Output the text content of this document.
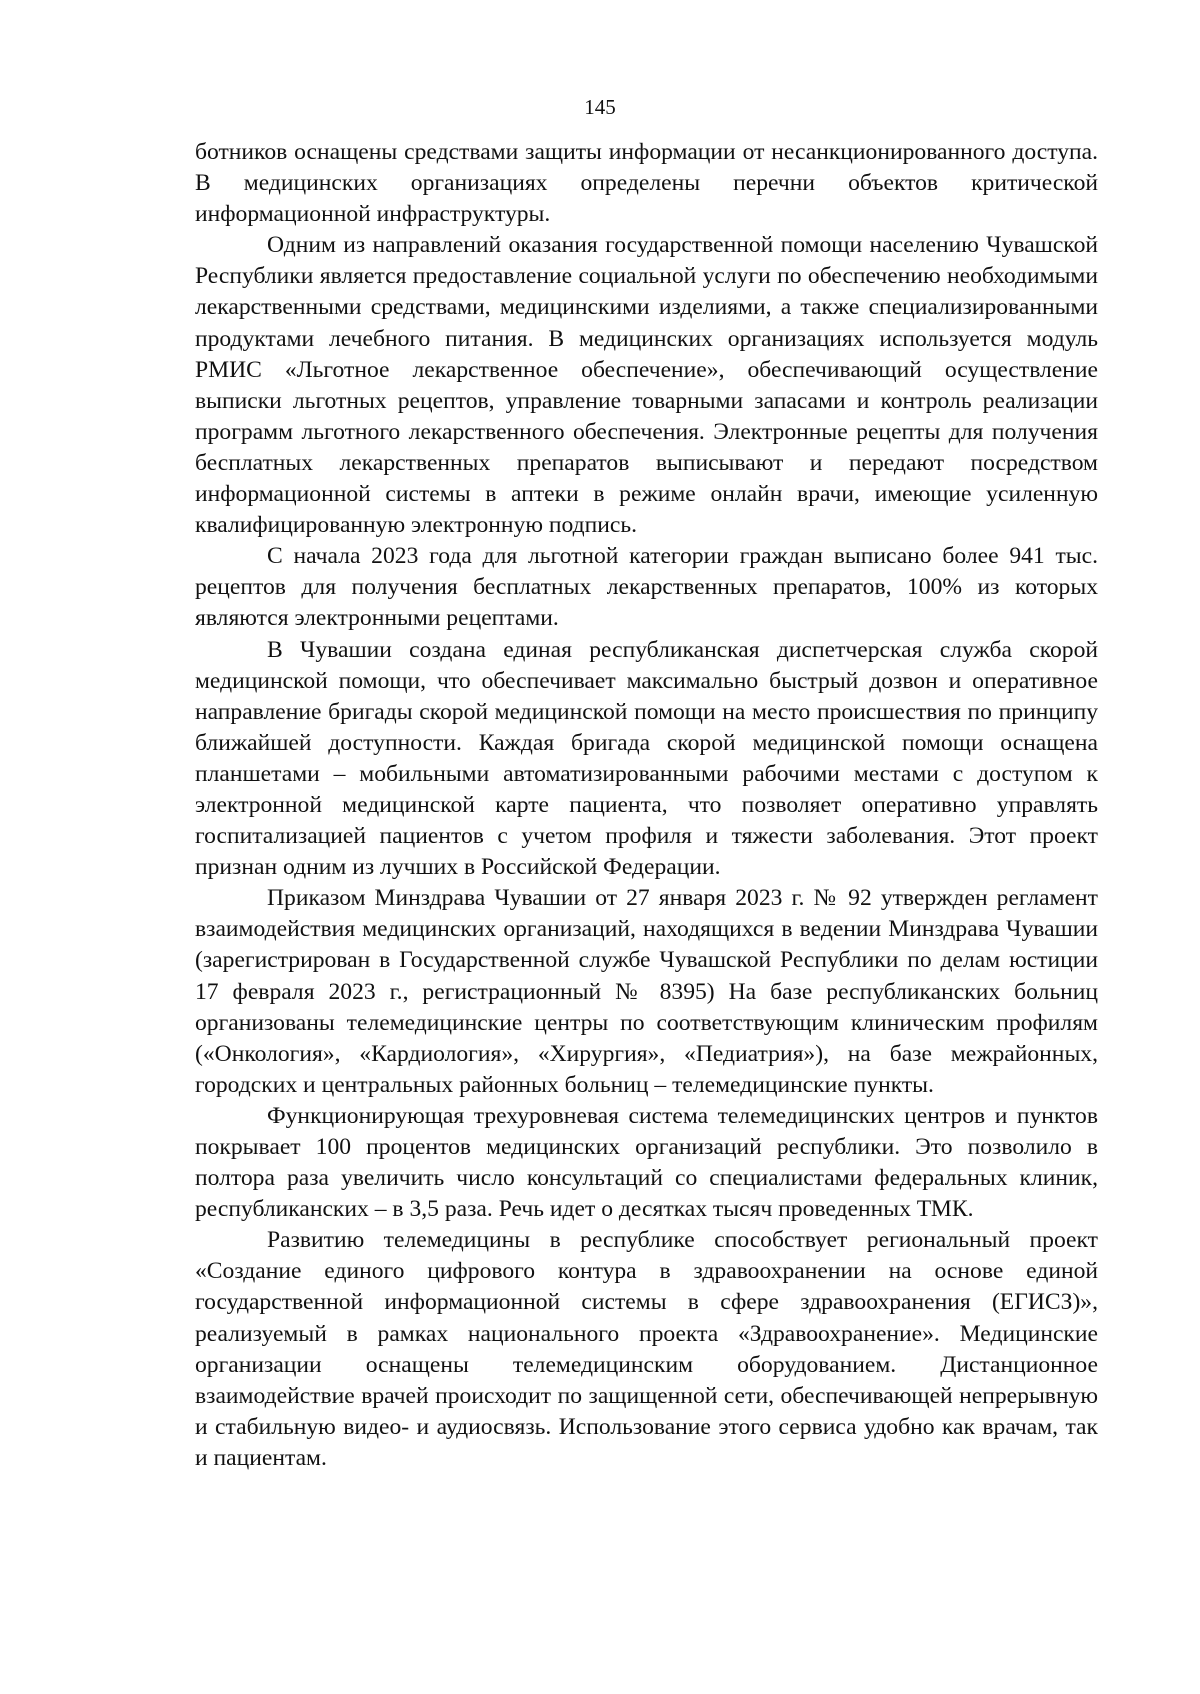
145

ботников оснащены средствами защиты информации от несанкционированного доступа. В медицинских организациях определены перечни объектов критической информационной инфраструктуры.

Одним из направлений оказания государственной помощи населению Чувашской Республики является предоставление социальной услуги по обеспечению необходимыми лекарственными средствами, медицинскими изделиями, а также специализированными продуктами лечебного питания. В медицинских организациях используется модуль РМИС «Льготное лекарственное обеспечение», обеспечивающий осуществление выписки льготных рецептов, управление товарными запасами и контроль реализации программ льготного лекарственного обеспечения. Электронные рецепты для получения бесплатных лекарственных препаратов выписывают и передают посредством информационной системы в аптеки в режиме онлайн врачи, имеющие усиленную квалифицированную электронную подпись.

С начала 2023 года для льготной категории граждан выписано более 941 тыс. рецептов для получения бесплатных лекарственных препаратов, 100% из которых являются электронными рецептами.

В Чувашии создана единая республиканская диспетчерская служба скорой медицинской помощи, что обеспечивает максимально быстрый дозвон и оперативное направление бригады скорой медицинской помощи на место происшествия по принципу ближайшей доступности. Каждая бригада скорой медицинской помощи оснащена планшетами – мобильными автоматизированными рабочими местами с доступом к электронной медицинской карте пациента, что позволяет оперативно управлять госпитализацией пациентов с учетом профиля и тяжести заболевания. Этот проект признан одним из лучших в Российской Федерации.

Приказом Минздрава Чувашии от 27 января 2023 г. № 92 утвержден регламент взаимодействия медицинских организаций, находящихся в ведении Минздрава Чувашии (зарегистрирован в Государственной службе Чувашской Республики по делам юстиции 17 февраля 2023 г., регистрационный № 8395) На базе республиканских больниц организованы телемедицинские центры по соответствующим клиническим профилям («Онкология», «Кардиология», «Хирургия», «Педиатрия»), на базе межрайонных, городских и центральных районных больниц – телемедицинские пункты.

Функционирующая трехуровневая система телемедицинских центров и пунктов покрывает 100 процентов медицинских организаций республики. Это позволило в полтора раза увеличить число консультаций со специалистами федеральных клиник, республиканских – в 3,5 раза. Речь идет о десятках тысяч проведенных ТМК.

Развитию телемедицины в республике способствует региональный проект «Создание единого цифрового контура в здравоохранении на основе единой государственной информационной системы в сфере здравоохранения (ЕГИСЗ)», реализуемый в рамках национального проекта «Здравоохранение». Медицинские организации оснащены телемедицинским оборудованием. Дистанционное взаимодействие врачей происходит по защищенной сети, обеспечивающей непрерывную и стабильную видео- и аудиосвязь. Использование этого сервиса удобно как врачам, так и пациентам.
